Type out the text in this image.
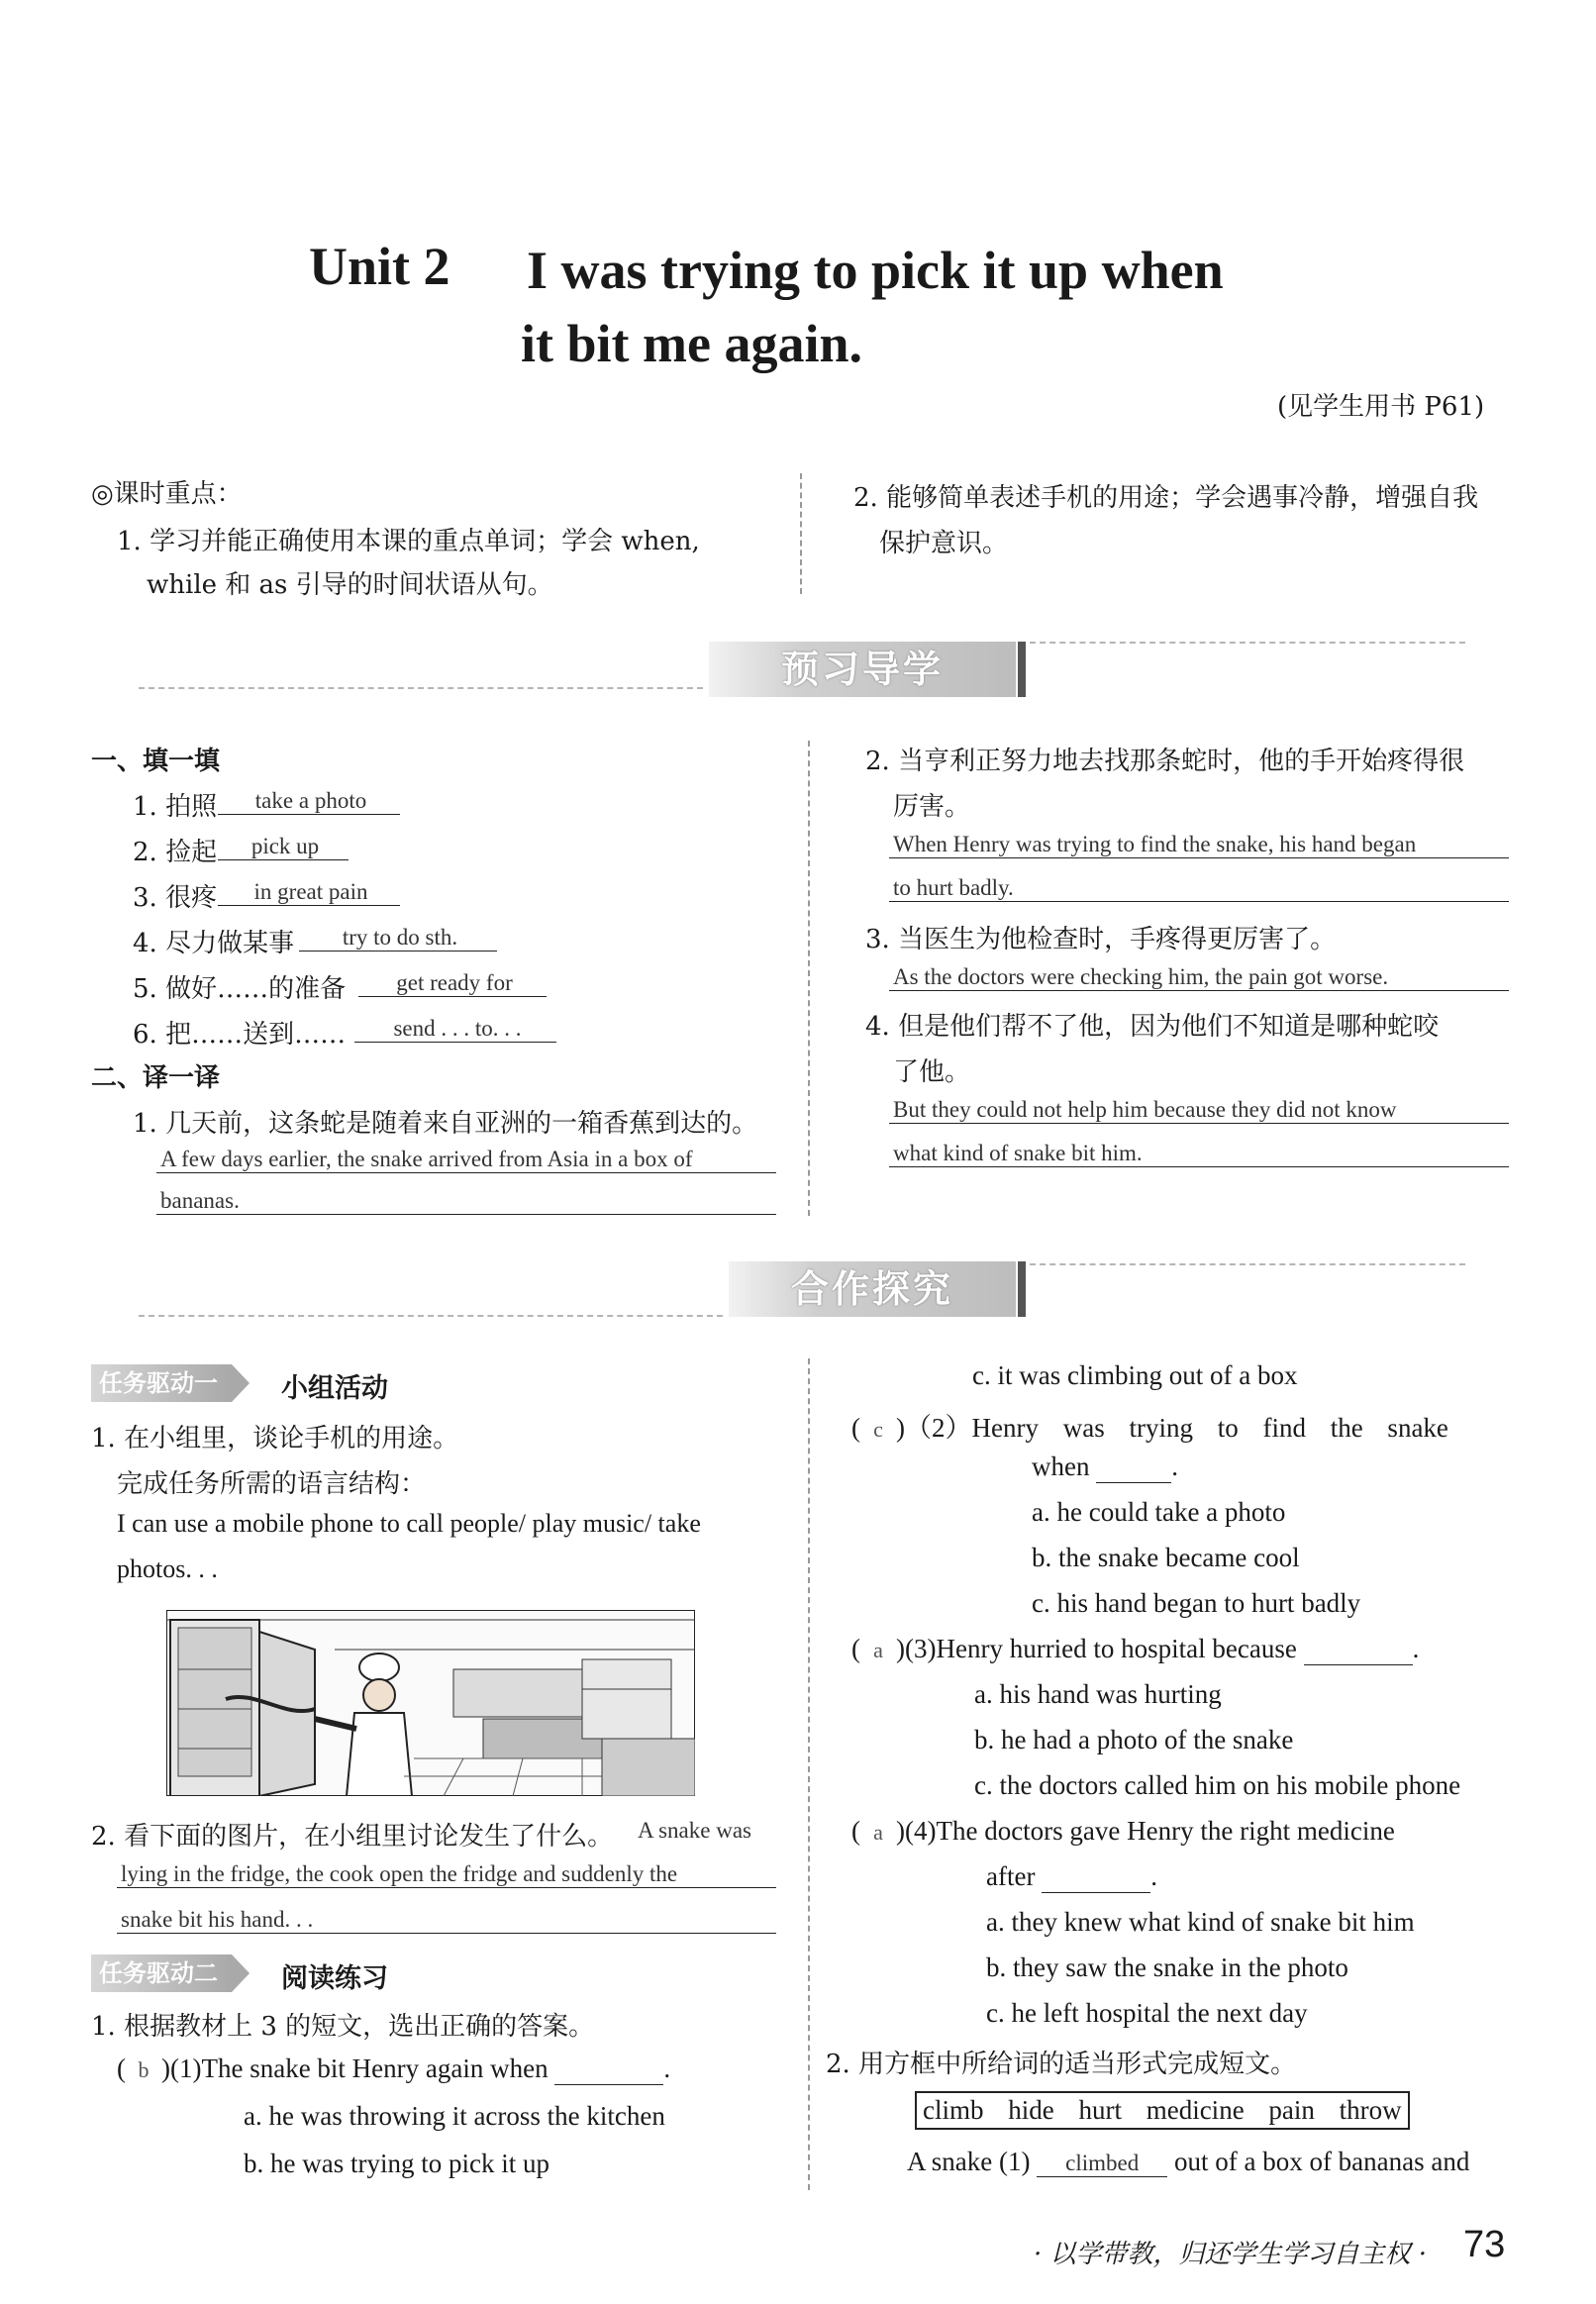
Unit 2 I was trying to pick it up when
it bit me again.
(见学生用书 P61)
◎课时重点：
1. 学习并能正确使用本课的重点单词；学会 when,
while 和 as 引导的时间状语从句。
2. 能够简单表述手机的用途；学会遇事冷静，增强自我
保护意识。
预习导学
一、填一填
1. 拍照	take a photo
2. 捡起	pick up
3. 很疼	in great pain
4. 尽力做某事	try to do sth.
5. 做好……的准备	get ready for
6. 把……送到……	send . . . to. . .
二、译一译
1. 几天前，这条蛇是随着来自亚洲的一箱香蕉到达的。
A few days earlier, the snake arrived from Asia in a box of
bananas.
2. 当亨利正努力地去找那条蛇时，他的手开始疼得很
厉害。
When Henry was trying to find the snake, his hand began
to hurt badly.
3. 当医生为他检查时，手疼得更厉害了。
As the doctors were checking him, the pain got worse.
4. 但是他们帮不了他，因为他们不知道是哪种蛇咬
了他。
But they could not help him because they did not know
what kind of snake bit him.
合作探究
任务驱动一	小组活动
1. 在小组里，谈论手机的用途。
完成任务所需的语言结构：
I can use a mobile phone to call people/ play music/ take
photos. . .
2. 看下面的图片，在小组里讨论发生了什么。 A snake was
lying in the fridge, the cook open the fridge and suddenly the
snake bit his hand. . .
任务驱动二	阅读练习
1. 根据教材上 3 的短文，选出正确的答案。
( b )(1)The snake bit Henry again when	.
a. he was throwing it across the kitchen
b. he was trying to pick it up
c. it was climbing out of a box
( c )（2）Henry was trying to find the snake
when	.
a. he could take a photo
b. the snake became cool
c. his hand began to hurt badly
( a )(3)Henry hurried to hospital because	.
a. his hand was hurting
b. he had a photo of the snake
c. the doctors called him on his mobile phone
( a )(4)The doctors gave Henry the right medicine
after	.
a. they knew what kind of snake bit him
b. they saw the snake in the photo
c. he left hospital the next day
2. 用方框中所给词的适当形式完成短文。
climb hide hurt medicine pain throw
A snake (1) climbed out of a box of bananas and
· 以学带教，归还学生学习自主权 · 73
